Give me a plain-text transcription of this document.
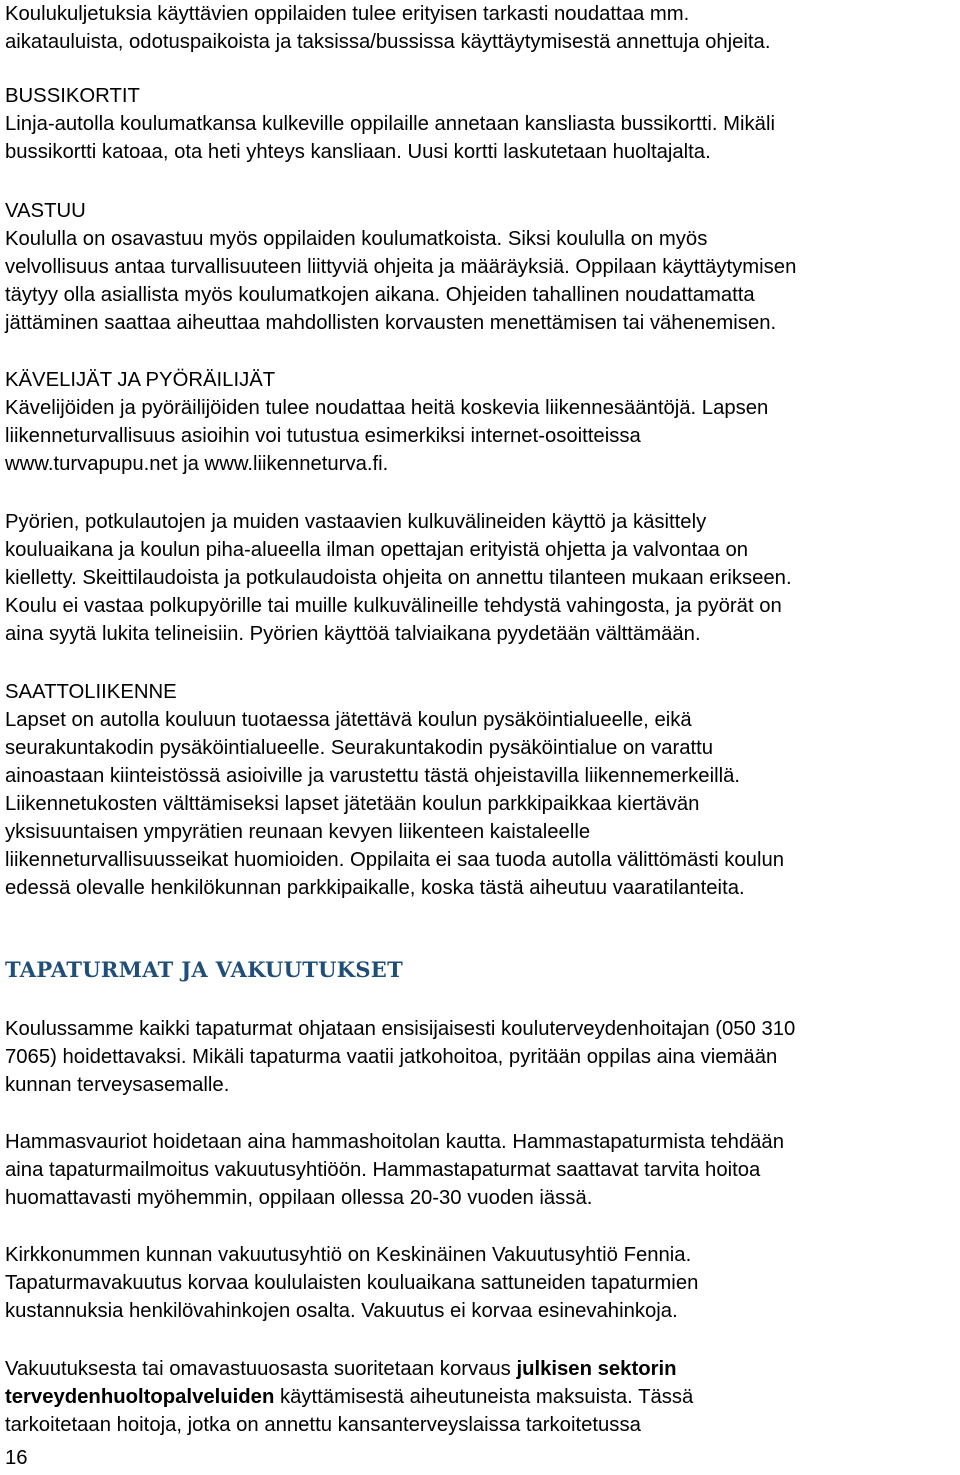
Koulukuljetuksia käyttävien oppilaiden tulee erityisen tarkasti noudattaa mm.
aikatauluista, odotuspaikoista ja taksissa/bussissa käyttäytymisestä annettuja ohjeita.
BUSSIKORTIT
Linja-autolla koulumatkansa kulkeville oppilaille annetaan kansliasta bussikortti. Mikäli
bussikortti katoaa, ota heti yhteys kansliaan. Uusi kortti laskutetaan huoltajalta.
VASTUU
Koululla on osavastuu myös oppilaiden koulumatkoista. Siksi koululla on myös
velvollisuus antaa turvallisuuteen liittyviä ohjeita ja määräyksiä. Oppilaan käyttäytymisen
täytyy olla asiallista myös koulumatkojen aikana. Ohjeiden tahallinen noudattamatta
jättäminen saattaa aiheuttaa mahdollisten korvausten menettämisen tai vähenemisen.
KÄVELIJÄT JA PYÖRÄILIJÄT
Kävelijöiden ja pyöräilijöiden tulee noudattaa heitä koskevia liikennesääntöjä. Lapsen
liikenneturvallisuus asioihin voi tutustua esimerkiksi internet-osoitteissa
www.turvapupu.net ja www.liikenneturva.fi.
Pyörien, potkulautojen ja muiden vastaavien kulkuvälineiden käyttö ja käsittely
kouluaikana ja koulun piha-alueella ilman opettajan erityistä ohjetta ja valvontaa on
kielletty. Skeittilaudoista ja potkulaudoista ohjeita on annettu tilanteen mukaan erikseen.
Koulu ei vastaa polkupyörille tai muille kulkuvälineille tehdystä vahingosta, ja pyörät on
aina syytä lukita telineisiin. Pyörien käyttöä talviaikana pyydetään välttämään.
SAATTOLIIKENNE
Lapset on autolla kouluun tuotaessa jätettävä koulun pysäköintialueelle, eikä
seurakuntakodin pysäköintialueelle. Seurakuntakodin pysäköintialue on varattu
ainoastaan kiinteistössä asioiville ja varustettu tästä ohjeistavilla liikennemerkeillä.
Liikennetukosten välttämiseksi lapset jätetään koulun parkkipaikkaa kiertävän
yksisuuntaisen ympyrätien reunaan kevyen liikenteen kaistaleelle
liikenneturvallisuusseikat huomioiden. Oppilaita ei saa tuoda autolla välittömästi koulun
edessä olevalle henkilökunnan parkkipaikalle, koska tästä aiheutuu vaaratilanteita.
TAPATURMAT JA VAKUUTUKSET
Koulussamme kaikki tapaturmat ohjataan ensisijaisesti kouluterveydenhoitajan (050 310
7065) hoidettavaksi. Mikäli tapaturma vaatii jatkohoitoa, pyritään oppilas aina viemään
kunnan terveysasemalle.
Hammasvauriot hoidetaan aina hammashoitolan kautta. Hammastapaturmista tehdään
aina tapaturmailmoitus vakuutusyhtiöön. Hammastapaturmat saattavat tarvita hoitoa
huomattavasti myöhemmin, oppilaan ollessa 20-30 vuoden iässä.
Kirkkonummen kunnan vakuutusyhtiö on Keskinäinen Vakuutusyhtiö Fennia.
Tapaturmavakuutus korvaa koululaisten kouluaikana sattuneiden tapaturmien
kustannuksia henkilövahinkojen osalta. Vakuutus ei korvaa esinevahinkoja.
Vakuutuksesta tai omavastuuosasta suoritetaan korvaus julkisen sektorin
terveydenhuoltopalveluiden käyttämisestä aiheutuneista maksuista. Tässä
tarkoitetaan hoitoja, jotka on annettu kansanterveyslaissa tarkoitetussa
16
